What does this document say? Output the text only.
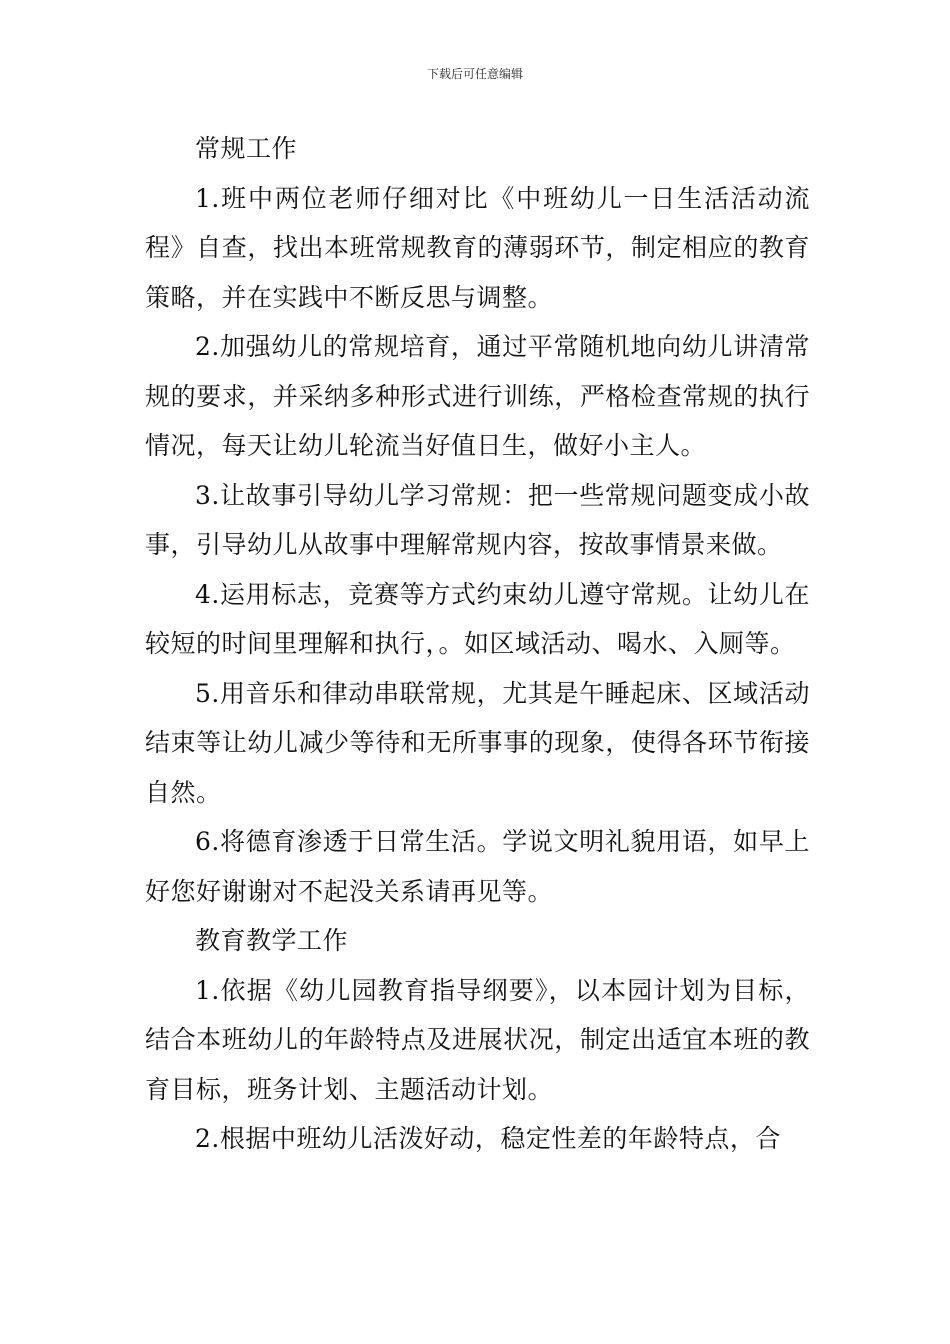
下载后可任意编辑

常规工作

1.班中两位老师仔细对比《中班幼儿一日生活活动流程》自查，找出本班常规教育的薄弱环节，制定相应的教育策略，并在实践中不断反思与调整。

2.加强幼儿的常规培育，通过平常随机地向幼儿讲清常规的要求，并采纳多种形式进行训练，严格检查常规的执行情况，每天让幼儿轮流当好值日生，做好小主人。

3.让故事引导幼儿学习常规：把一些常规问题变成小故事，引导幼儿从故事中理解常规内容，按故事情景来做。

4.运用标志，竞赛等方式约束幼儿遵守常规。让幼儿在较短的时间里理解和执行，。如区域活动、喝水、入厕等。

5.用音乐和律动串联常规，尤其是午睡起床、区域活动结束等让幼儿减少等待和无所事事的现象，使得各环节衔接自然。

6.将德育渗透于日常生活。学说文明礼貌用语，如早上好您好谢谢对不起没关系请再见等。

教育教学工作

1.依据《幼儿园教育指导纲要》，以本园计划为目标，结合本班幼儿的年龄特点及进展状况，制定出适宜本班的教育目标，班务计划、主题活动计划。

2.根据中班幼儿活泼好动，稳定性差的年龄特点，合
